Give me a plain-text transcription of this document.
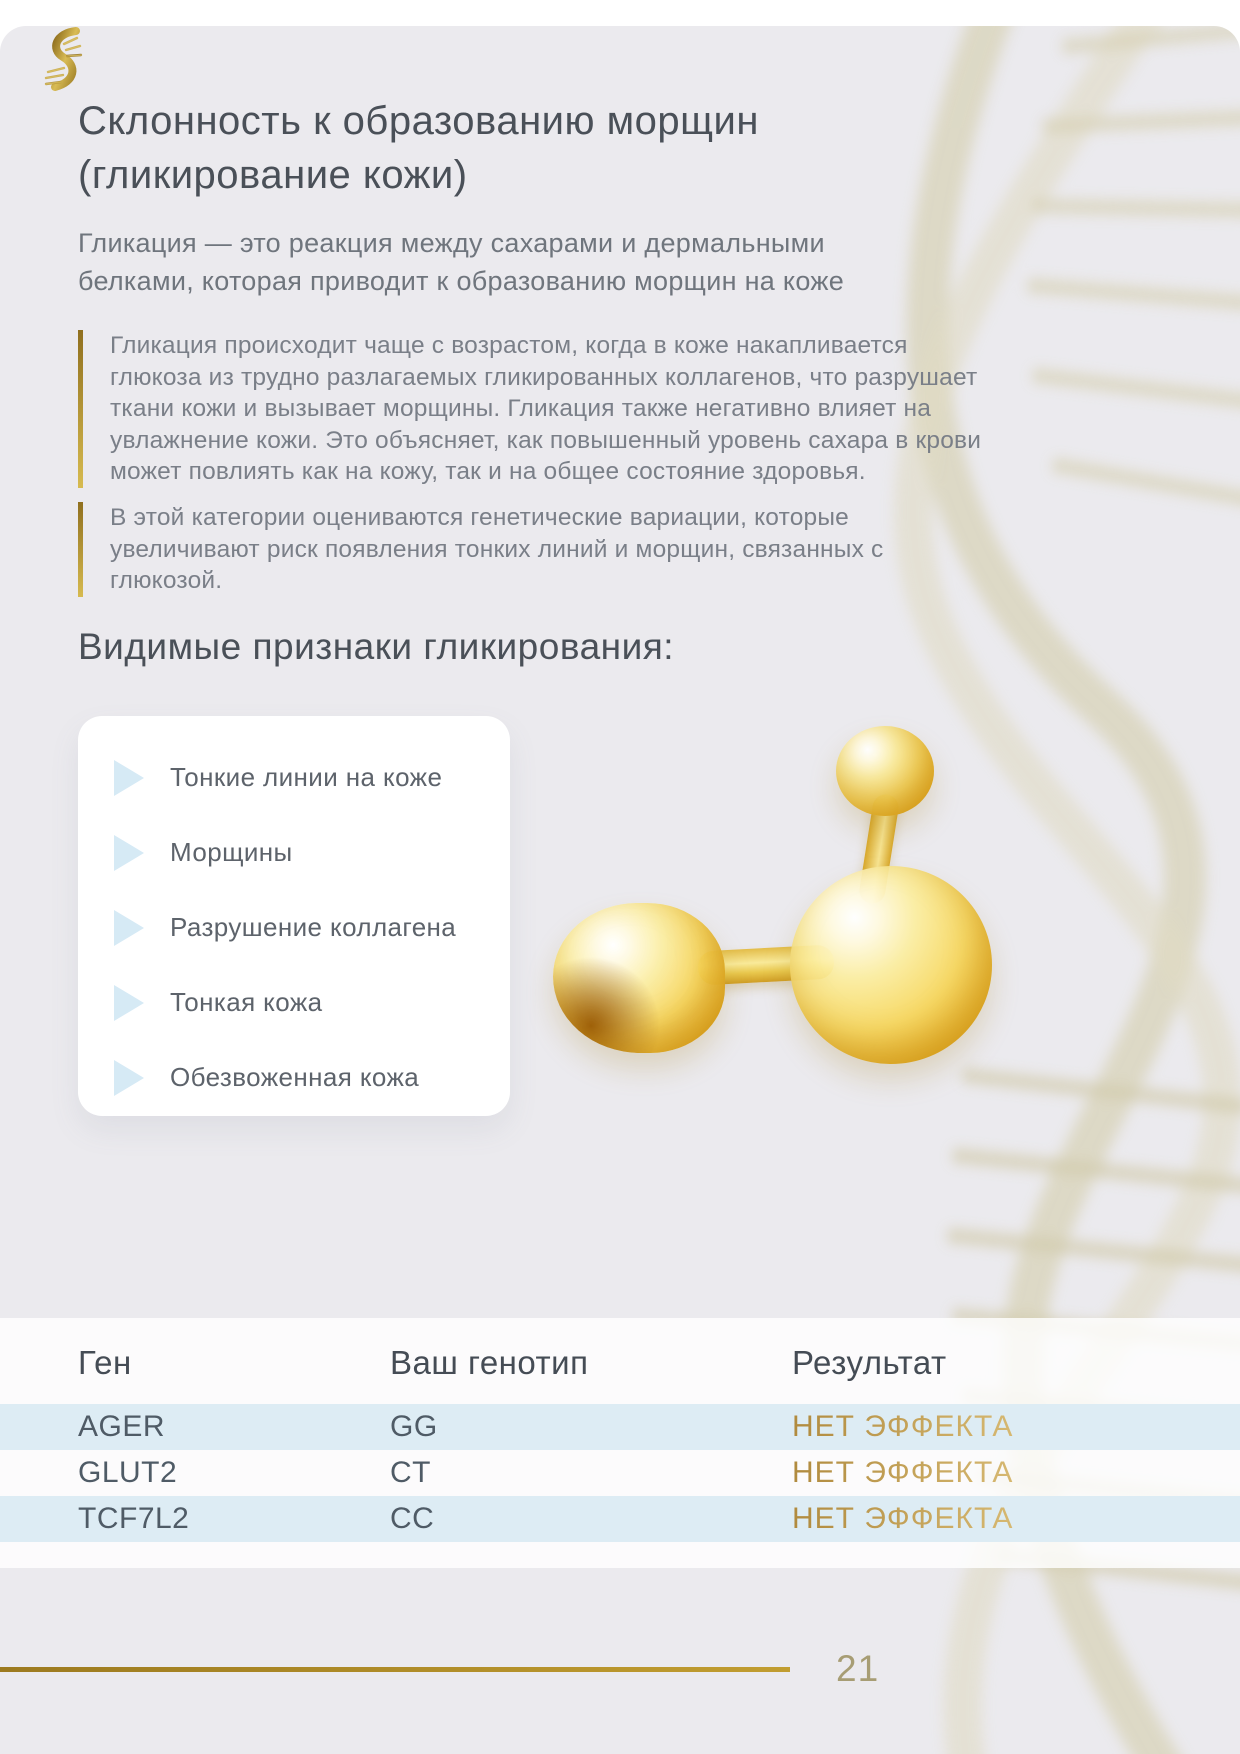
Склонность к образованию морщин (гликирование кожи)
Гликация — это реакция между сахарами и дермальными белками, которая приводит к образованию морщин на коже
Гликация происходит чаще с возрастом, когда в коже накапливается глюкоза из трудно разлагаемых гликированных коллагенов, что разрушает ткани кожи и вызывает морщины. Гликация также негативно влияет на увлажнение кожи. Это объясняет, как повышенный уровень сахара в крови может повлиять как на кожу, так и на общее состояние здоровья.
В этой категории оцениваются генетические вариации, которые увеличивают риск появления тонких линий и морщин, связанных с глюкозой.
Видимые признаки гликирования:
Тонкие линии на коже
Морщины
Разрушение коллагена
Тонкая кожа
Обезвоженная кожа
Ген	Ваш генотип	Результат
AGER	GG	НЕТ ЭФФЕКТА
GLUT2	CT	НЕТ ЭФФЕКТА
TCF7L2	CC	НЕТ ЭФФЕКТА
21
